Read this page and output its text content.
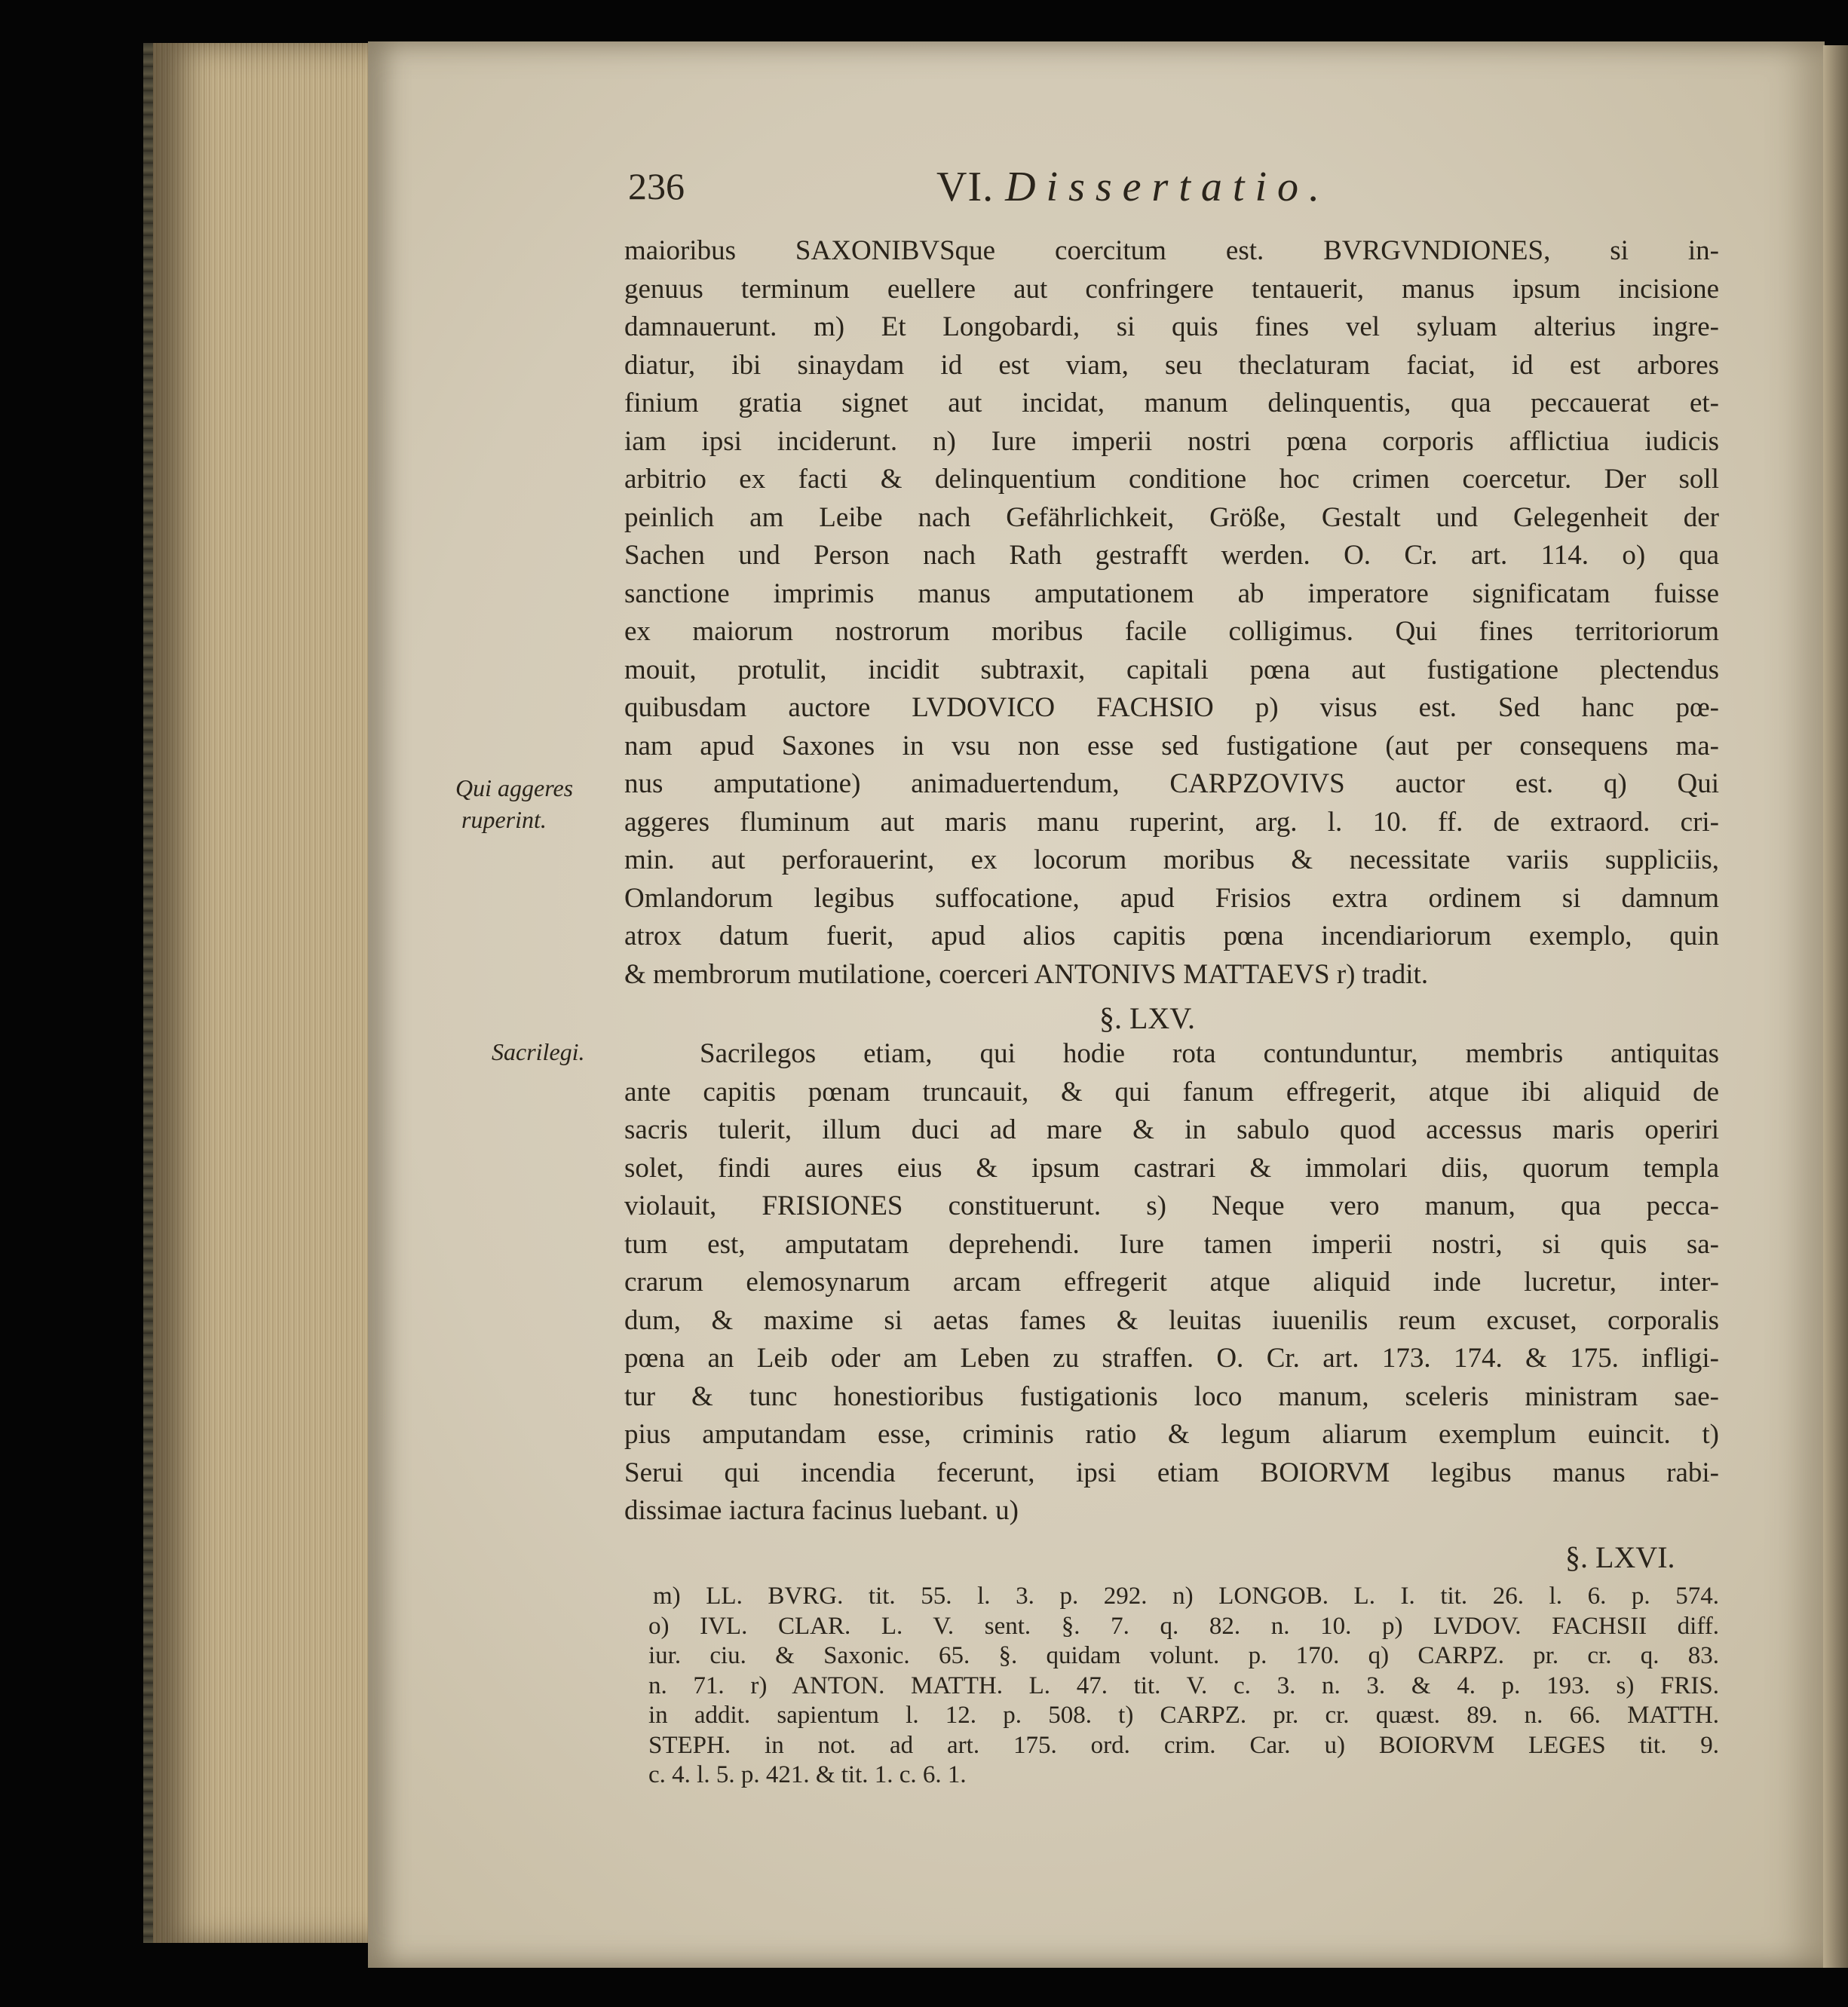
236	VI. Dissertatio.
maioribus SAXONIBVSque coercitum est. BVRGVNDIONES, si in-
genuus terminum euellere aut confringere tentauerit, manus ipsum incisione
damnauerunt. m) Et Longobardi, si quis fines vel syluam alterius ingre-
diatur, ibi sinaydam id est viam, seu theclaturam faciat, id est arbores
finium gratia signet aut incidat, manum delinquentis, qua peccauerat et-
iam ipsi inciderunt. n) Iure imperii nostri pœna corporis afflictiua iudicis
arbitrio ex facti & delinquentium conditione hoc crimen coercetur. Der soll
peinlich am Leibe nach Gefährlichkeit, Größe, Gestalt und Gelegenheit der
Sachen und Person nach Rath gestrafft werden. O. Cr. art. 114. o) qua
sanctione imprimis manus amputationem ab imperatore significatam fuisse
ex maiorum nostrorum moribus facile colligimus. Qui fines territoriorum
mouit, protulit, incidit subtraxit, capitali pœna aut fustigatione plectendus
quibusdam auctore LVDOVICO FACHSIO p) visus est. Sed hanc pœ-
nam apud Saxones in vsu non esse sed fustigatione (aut per consequens ma-
nus amputatione) animaduertendum, CARPZOVIVS auctor est. q) Qui
aggeres fluminum aut maris manu ruperint, arg. l. 10. ff. de extraord. cri-
min. aut perforauerint, ex locorum moribus & necessitate variis suppliciis,
Omlandorum legibus suffocatione, apud Frisios extra ordinem si damnum
atrox datum fuerit, apud alios capitis pœna incendiariorum exemplo, quin
& membrorum mutilatione, coerceri ANTONIVS MATTAEVS r) tradit.
Qui aggeres
ruperint.
§. LXV.
Sacrilegi.	Sacrilegos etiam, qui hodie rota contunduntur, membris antiquitas
ante capitis pœnam truncauit, & qui fanum effregerit, atque ibi aliquid de
sacris tulerit, illum duci ad mare & in sabulo quod accessus maris operiri
solet, findi aures eius & ipsum castrari & immolari diis, quorum templa
violauit, FRISIONES constituerunt. s) Neque vero manum, qua pecca-
tum est, amputatam deprehendi. Iure tamen imperii nostri, si quis sa-
crarum elemosynarum arcam effregerit atque aliquid inde lucretur, inter-
dum, & maxime si aetas fames & leuitas iuuenilis reum excuset, corporalis
pœna an Leib oder am Leben zu straffen. O. Cr. art. 173. 174. & 175. infligi-
tur & tunc honestioribus fustigationis loco manum, sceleris ministram sae-
pius amputandam esse, criminis ratio & legum aliarum exemplum euincit. t)
Serui qui incendia fecerunt, ipsi etiam BOIORVM legibus manus rabi-
dissimae iactura facinus luebant. u)
§. LXVI.
m) LL. BVRG. tit. 55. l. 3. p. 292. n) LONGOB. L. I. tit. 26. l. 6. p. 574.
o) IVL. CLAR. L. V. sent. §. 7. q. 82. n. 10. p) LVDOV. FACHSII diff.
iur. ciu. & Saxonic. 65. §. quidam volunt. p. 170. q) CARPZ. pr. cr. q. 83.
n. 71. r) ANTON. MATTH. L. 47. tit. V. c. 3. n. 3. & 4. p. 193. s) FRIS.
in addit. sapientum l. 12. p. 508. t) CARPZ. pr. cr. quæst. 89. n. 66. MATTH.
STEPH. in not. ad art. 175. ord. crim. Car. u) BOIORVM LEGES tit. 9.
c. 4. l. 5. p. 421. & tit. 1. c. 6. 1.
